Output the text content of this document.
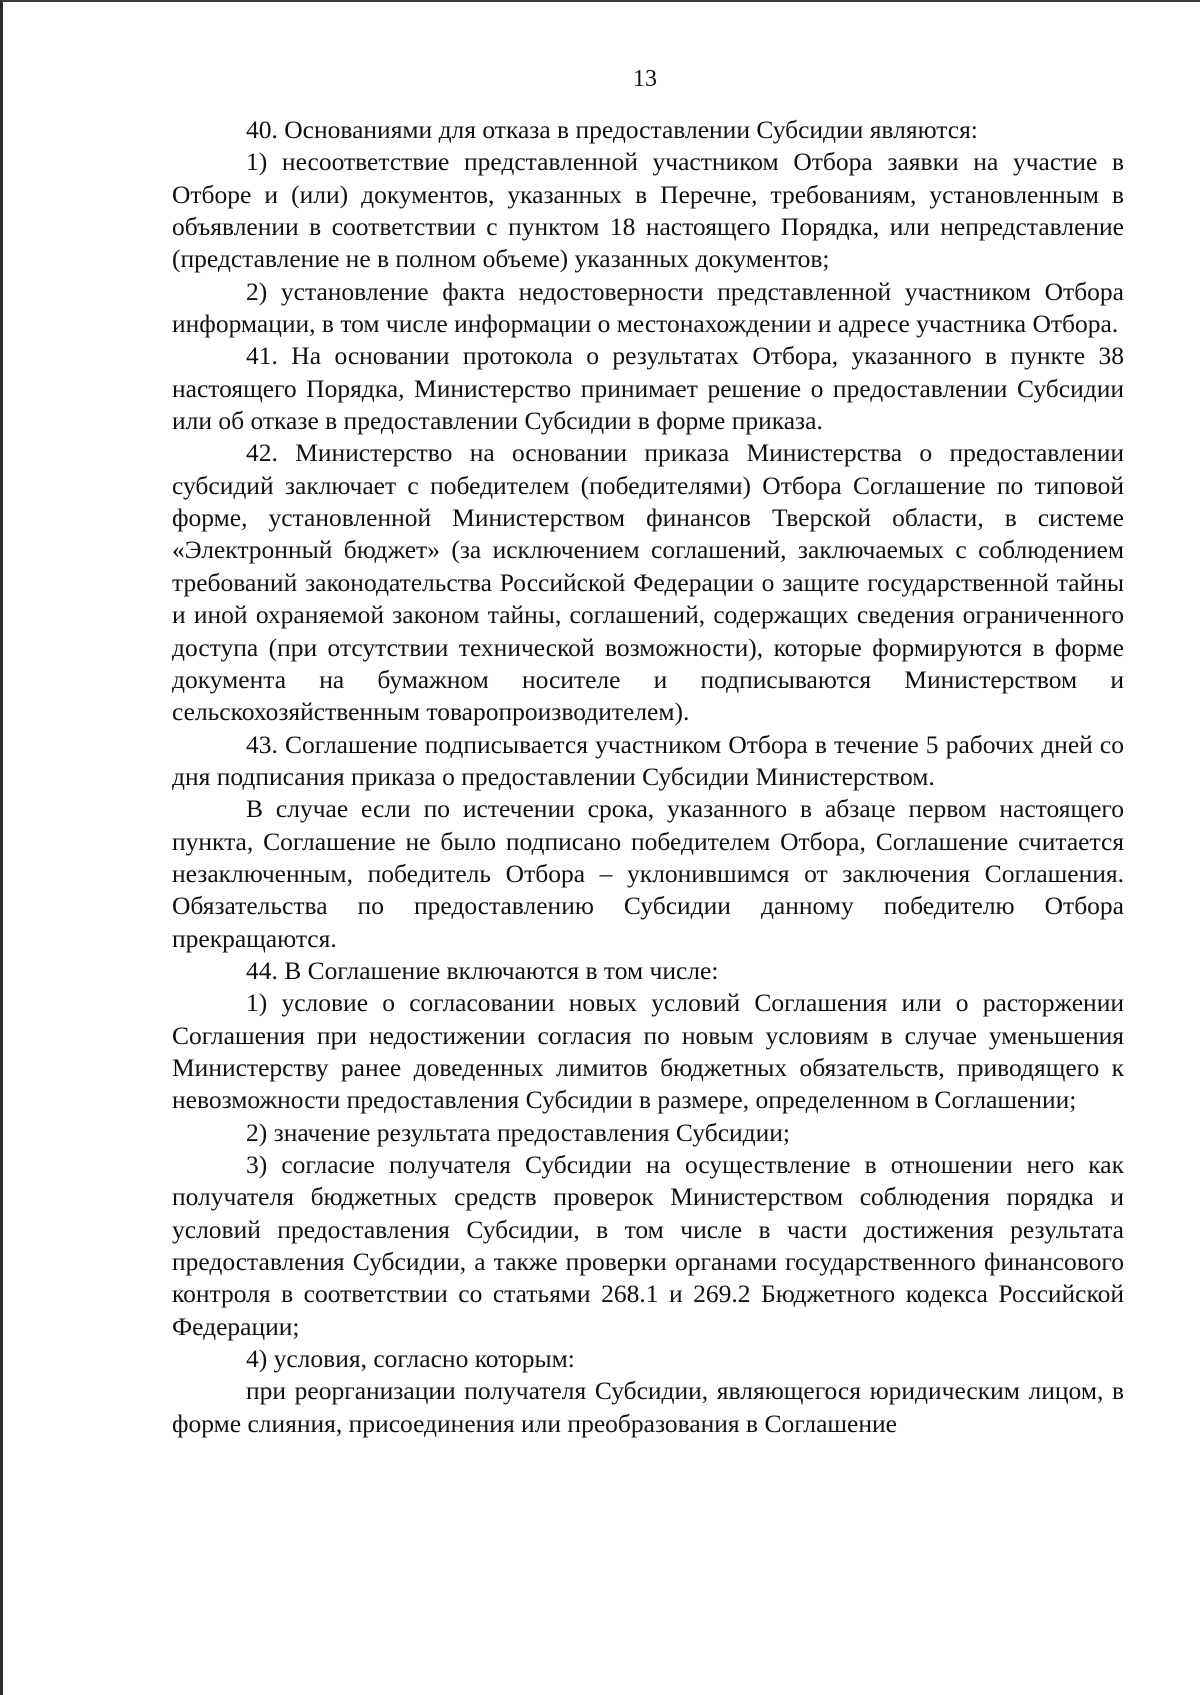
13

40. Основаниями для отказа в предоставлении Субсидии являются:

1) несоответствие представленной участником Отбора заявки на участие в Отборе и (или) документов, указанных в Перечне, требованиям, установленным в объявлении в соответствии с пунктом 18 настоящего Порядка, или непредставление (представление не в полном объеме) указанных документов;

2) установление факта недостоверности представленной участником Отбора информации, в том числе информации о местонахождении и адресе участника Отбора.

41. На основании протокола о результатах Отбора, указанного в пункте 38 настоящего Порядка, Министерство принимает решение о предоставлении Субсидии или об отказе в предоставлении Субсидии в форме приказа.

42. Министерство на основании приказа Министерства о предоставлении субсидий заключает с победителем (победителями) Отбора Соглашение по типовой форме, установленной Министерством финансов Тверской области, в системе «Электронный бюджет» (за исключением соглашений, заключаемых с соблюдением требований законодательства Российской Федерации о защите государственной тайны и иной охраняемой законом тайны, соглашений, содержащих сведения ограниченного доступа (при отсутствии технической возможности), которые формируются в форме документа на бумажном носителе и подписываются Министерством и сельскохозяйственным товаропроизводителем).

43. Соглашение подписывается участником Отбора в течение 5 рабочих дней со дня подписания приказа о предоставлении Субсидии Министерством.

В случае если по истечении срока, указанного в абзаце первом настоящего пункта, Соглашение не было подписано победителем Отбора, Соглашение считается незаключенным, победитель Отбора – уклонившимся от заключения Соглашения. Обязательства по предоставлению Субсидии данному победителю Отбора прекращаются.

44. В Соглашение включаются в том числе:

1) условие о согласовании новых условий Соглашения или о расторжении Соглашения при недостижении согласия по новым условиям в случае уменьшения Министерству ранее доведенных лимитов бюджетных обязательств, приводящего к невозможности предоставления Субсидии в размере, определенном в Соглашении;

2) значение результата предоставления Субсидии;

3) согласие получателя Субсидии на осуществление в отношении него как получателя бюджетных средств проверок Министерством соблюдения порядка и условий предоставления Субсидии, в том числе в части достижения результата предоставления Субсидии, а также проверки органами государственного финансового контроля в соответствии со статьями 268.1 и 269.2 Бюджетного кодекса Российской Федерации;

4) условия, согласно которым:

при реорганизации получателя Субсидии, являющегося юридическим лицом, в форме слияния, присоединения или преобразования в Соглашение
